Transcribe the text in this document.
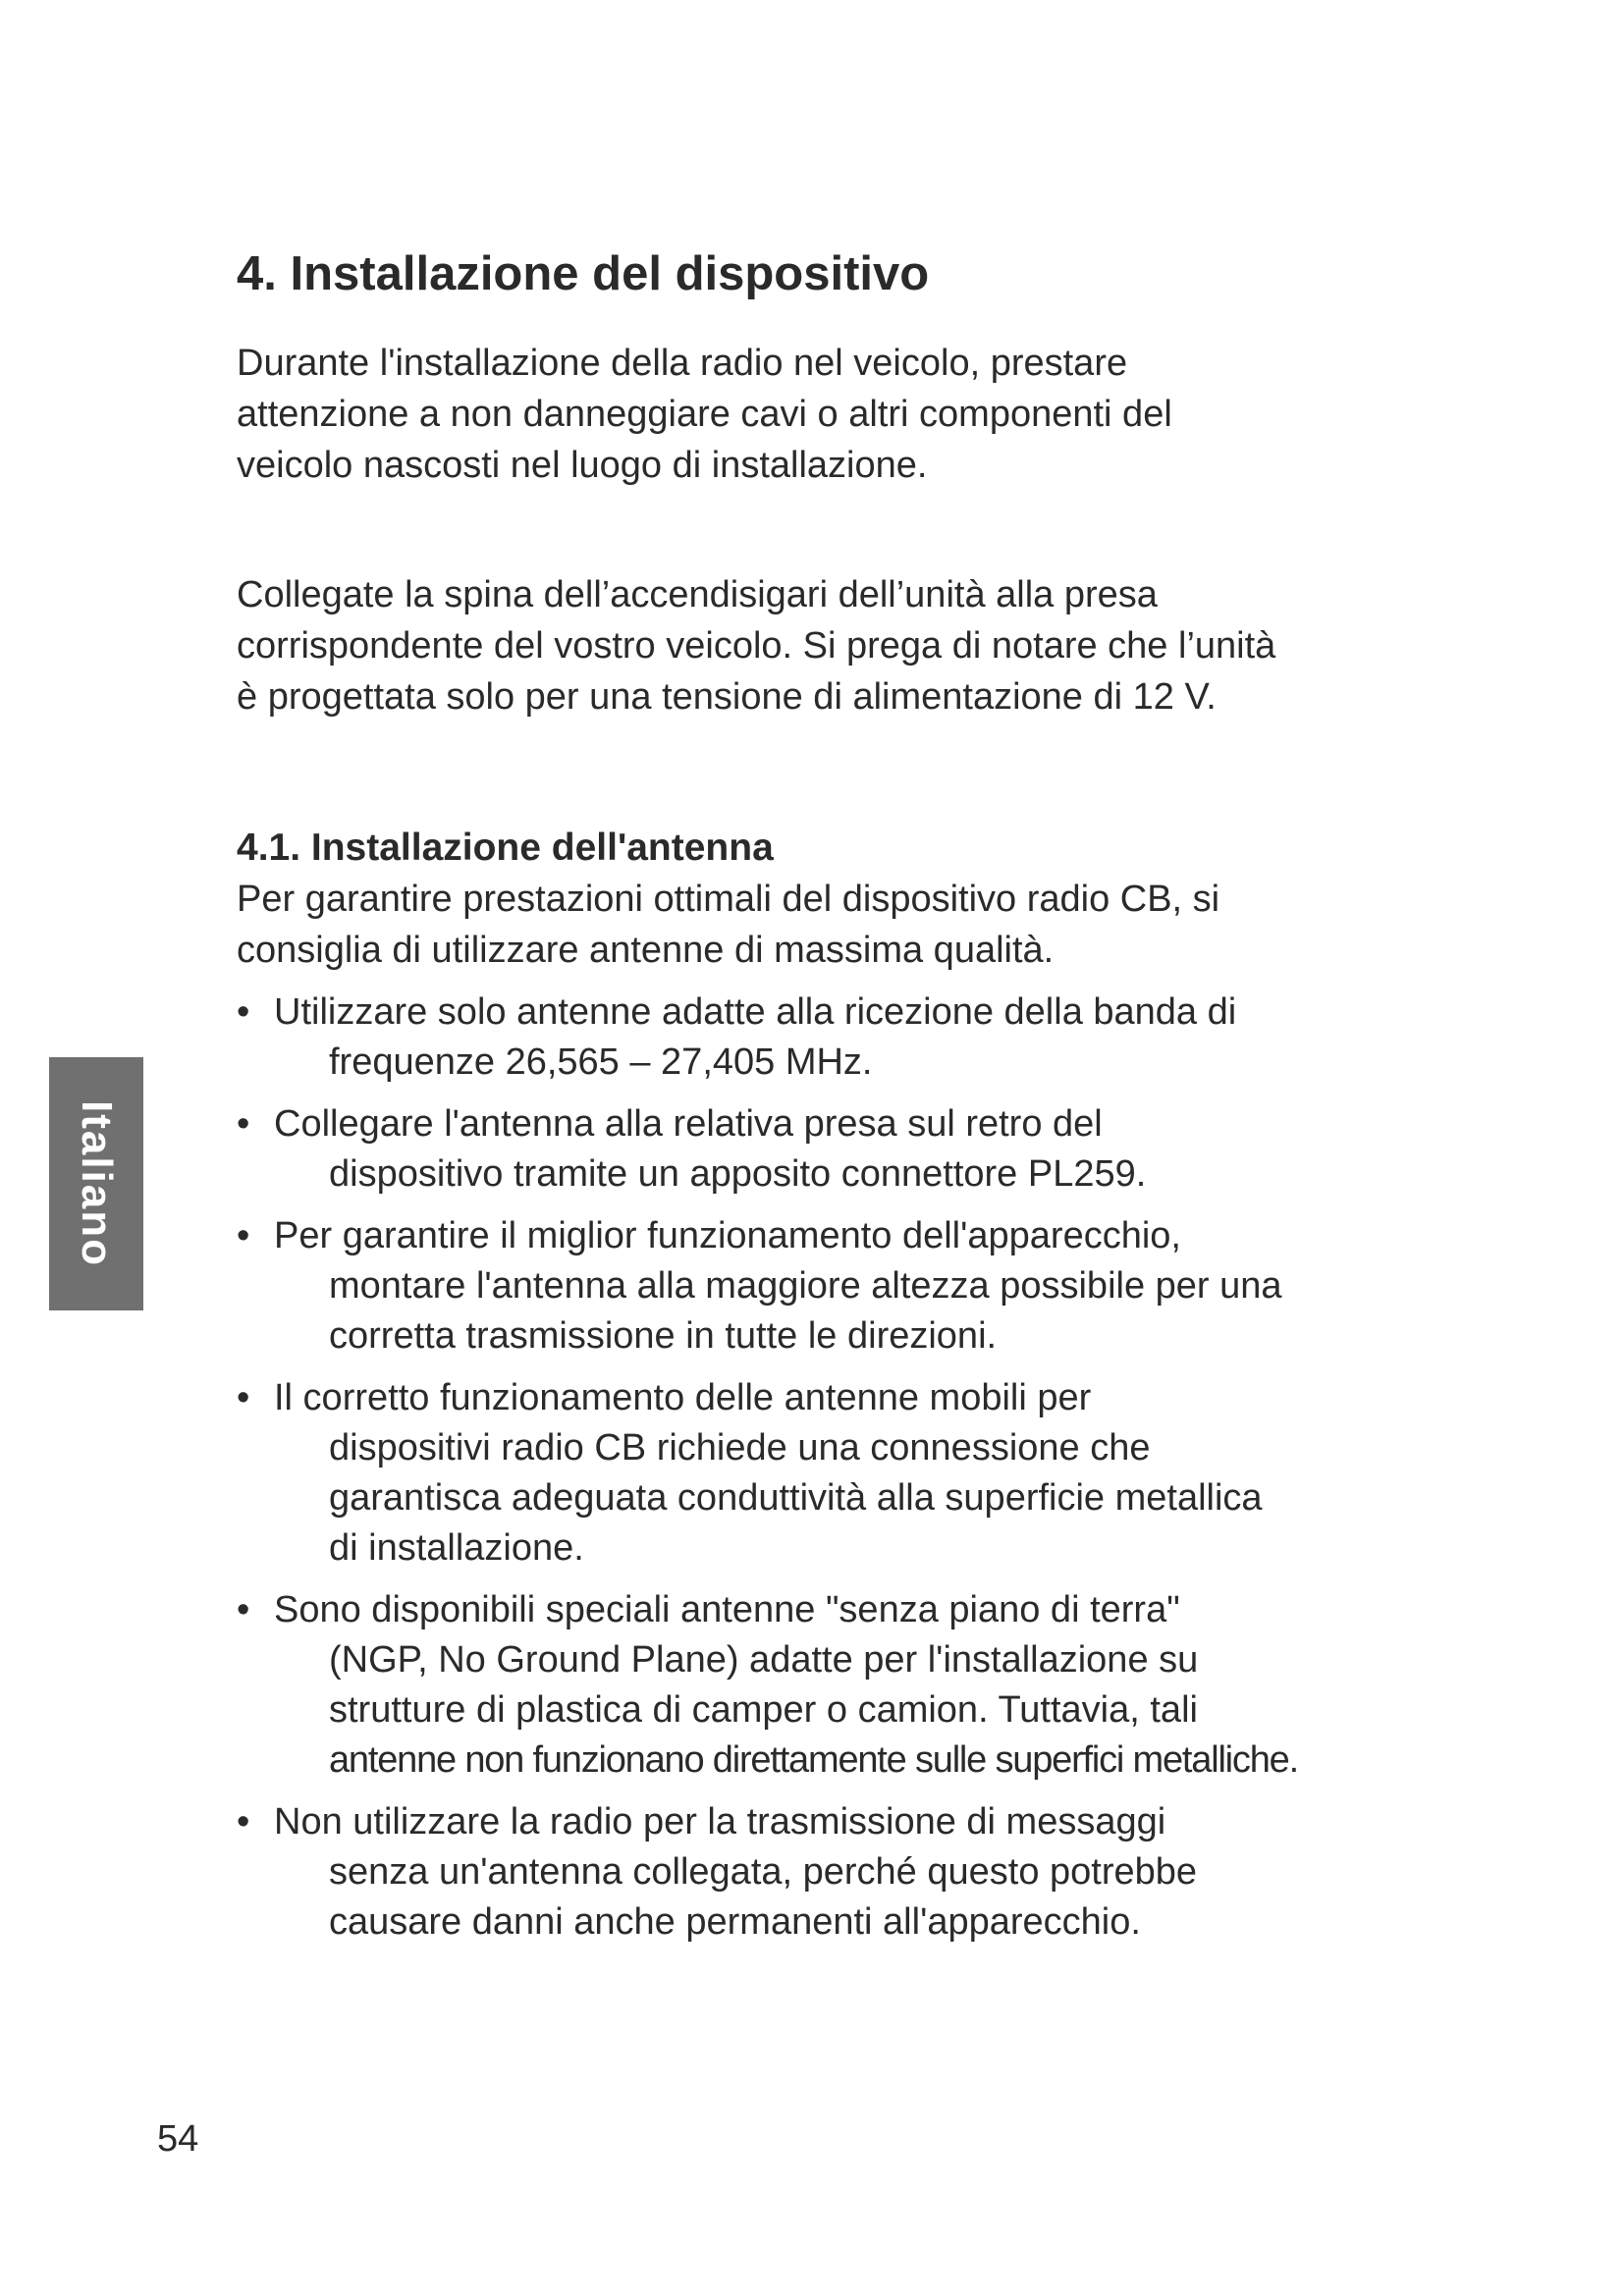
4. Installazione del dispositivo

Durante l'installazione della radio nel veicolo, prestare
attenzione a non danneggiare cavi o altri componenti del
veicolo nascosti nel luogo di installazione.

Collegate la spina dell’accendisigari dell’unità alla presa
corrispondente del vostro veicolo. Si prega di notare che l’unità
è progettata solo per una tensione di alimentazione di 12 V.

4.1. Installazione dell'antenna

Per garantire prestazioni ottimali del dispositivo radio CB, si
consiglia di utilizzare antenne di massima qualità.

• Utilizzare solo antenne adatte alla ricezione della banda di
frequenze 26,565 – 27,405 MHz.
• Collegare l'antenna alla relativa presa sul retro del
dispositivo tramite un apposito connettore PL259.
• Per garantire il miglior funzionamento dell'apparecchio,
montare l'antenna alla maggiore altezza possibile per una
corretta trasmissione in tutte le direzioni.
• Il corretto funzionamento delle antenne mobili per
dispositivi radio CB richiede una connessione che
garantisca adeguata conduttività alla superficie metallica
di installazione.
• Sono disponibili speciali antenne "senza piano di terra"
(NGP, No Ground Plane) adatte per l'installazione su
strutture di plastica di camper o camion. Tuttavia, tali
antenne non funzionano direttamente sulle superfici metalliche.
• Non utilizzare la radio per la trasmissione di messaggi
senza un'antenna collegata, perché questo potrebbe
causare danni anche permanenti all'apparecchio.
Italiano

54
